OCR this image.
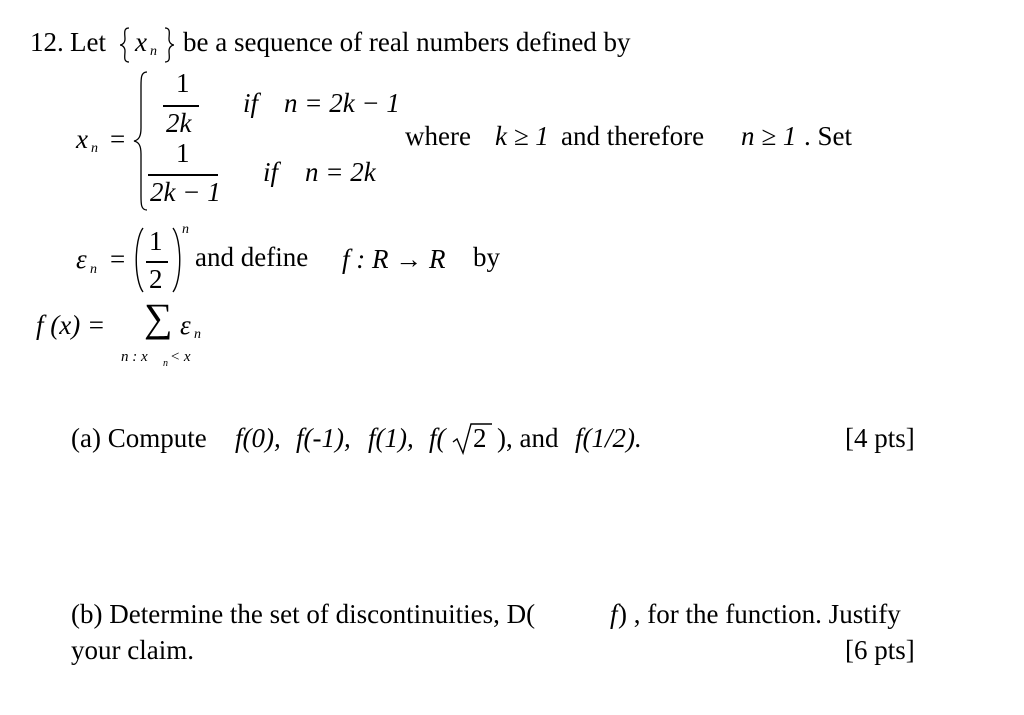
12. Let x n be a sequence of real numbers defined by
x n =
1
2k
if n = 2k − 1
1
2k − 1
if n = 2k
where k ≥ 1 and therefore n ≥ 1 . Set
ε n =
1
2
n
and define f : R → R by
f (x) = ∑ ε n
n : x n < x
(a) Compute f(0), f(-1), f(1), f( 2 ), and f(1/2).	[4 pts]
(b) Determine the set of discontinuities, D(	f ) , for the function. Justify
your claim.	[6 pts]
